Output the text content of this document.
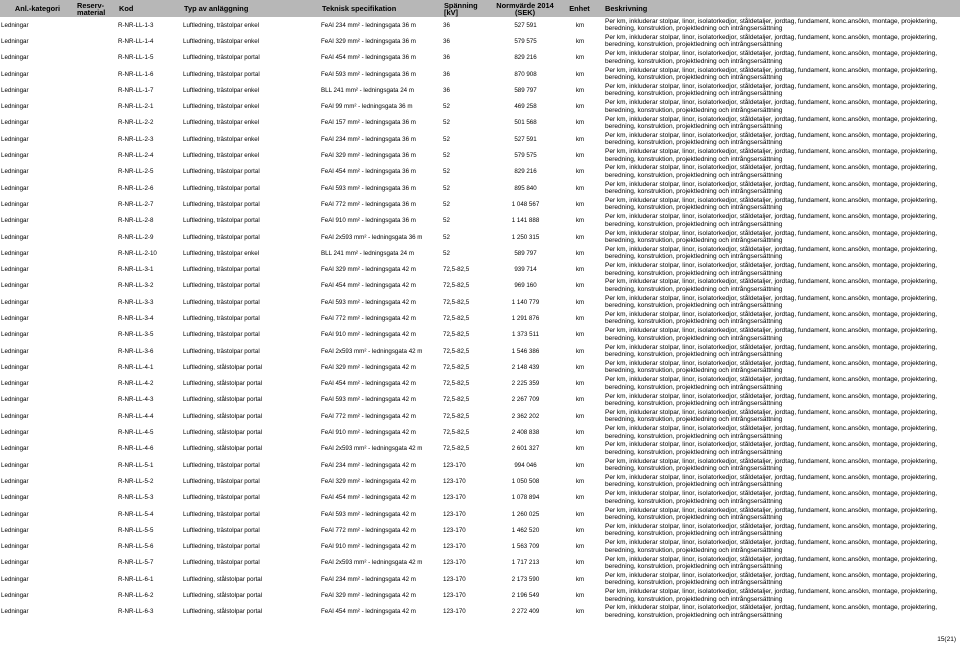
Anl.-kategori	Reserv-material	Kod	Typ av anläggning	Teknisk specifikation	Spänning [kV]	Normvärde 2014 (SEK)	Enhet	Beskrivning
Ledningar		R-NR-LL-1-3	Luftledning, trästolpar enkel	FeAl 234 mm² - ledningsgata 36 m	36	527 591	km	Per km, inkluderar stolpar, linor, isolatorkedjor, ståldetaljer, jordtag, fundament, konc.ansökn, montage, projektering, beredning, konstruktion, projektledning och intrångsersättning
Ledningar		R-NR-LL-1-4	Luftledning, trästolpar enkel	FeAl 329 mm² - ledningsgata 36 m	36	579 575	km	Per km, inkluderar stolpar, linor, isolatorkedjor, ståldetaljer, jordtag, fundament, konc.ansökn, montage, projektering, beredning, konstruktion, projektledning och intrångsersättning
Ledningar		R-NR-LL-1-5	Luftledning, trästolpar portal	FeAl 454 mm² - ledningsgata 36 m	36	829 216	km	Per km, inkluderar stolpar, linor, isolatorkedjor, ståldetaljer, jordtag, fundament, konc.ansökn, montage, projektering, beredning, konstruktion, projektledning och intrångsersättning
Ledningar		R-NR-LL-1-6	Luftledning, trästolpar portal	FeAl 593 mm² - ledningsgata 36 m	36	870 908	km	Per km, inkluderar stolpar, linor, isolatorkedjor, ståldetaljer, jordtag, fundament, konc.ansökn, montage, projektering, beredning, konstruktion, projektledning och intrångsersättning
Ledningar		R-NR-LL-1-7	Luftledning, trästolpar enkel	BLL 241 mm² - ledningsgata 24 m	36	589 797	km	Per km, inkluderar stolpar, linor, isolatorkedjor, ståldetaljer, jordtag, fundament, konc.ansökn, montage, projektering, beredning, konstruktion, projektledning och intrångsersättning
Ledningar		R-NR-LL-2-1	Luftledning, trästolpar enkel	FeAl 99 mm² - ledningsgata 36 m	52	469 258	km	Per km, inkluderar stolpar, linor, isolatorkedjor, ståldetaljer, jordtag, fundament, konc.ansökn, montage, projektering, beredning, konstruktion, projektledning och intrångsersättning
Ledningar		R-NR-LL-2-2	Luftledning, trästolpar enkel	FeAl 157 mm² - ledningsgata 36 m	52	501 568	km	Per km, inkluderar stolpar, linor, isolatorkedjor, ståldetaljer, jordtag, fundament, konc.ansökn, montage, projektering, beredning, konstruktion, projektledning och intrångsersättning
Ledningar		R-NR-LL-2-3	Luftledning, trästolpar enkel	FeAl 234 mm² - ledningsgata 36 m	52	527 591	km	Per km, inkluderar stolpar, linor, isolatorkedjor, ståldetaljer, jordtag, fundament, konc.ansökn, montage, projektering, beredning, konstruktion, projektledning och intrångsersättning
Ledningar		R-NR-LL-2-4	Luftledning, trästolpar enkel	FeAl 329 mm² - ledningsgata 36 m	52	579 575	km	Per km, inkluderar stolpar, linor, isolatorkedjor, ståldetaljer, jordtag, fundament, konc.ansökn, montage, projektering, beredning, konstruktion, projektledning och intrångsersättning
Ledningar		R-NR-LL-2-5	Luftledning, trästolpar portal	FeAl 454 mm² - ledningsgata 36 m	52	829 216	km	Per km, inkluderar stolpar, linor, isolatorkedjor, ståldetaljer, jordtag, fundament, konc.ansökn, montage, projektering, beredning, konstruktion, projektledning och intrångsersättning
Ledningar		R-NR-LL-2-6	Luftledning, trästolpar portal	FeAl 593 mm² - ledningsgata 36 m	52	895 840	km	Per km, inkluderar stolpar, linor, isolatorkedjor, ståldetaljer, jordtag, fundament, konc.ansökn, montage, projektering, beredning, konstruktion, projektledning och intrångsersättning
Ledningar		R-NR-LL-2-7	Luftledning, trästolpar portal	FeAl 772 mm² - ledningsgata 36 m	52	1 048 567	km	Per km, inkluderar stolpar, linor, isolatorkedjor, ståldetaljer, jordtag, fundament, konc.ansökn, montage, projektering, beredning, konstruktion, projektledning och intrångsersättning
Ledningar		R-NR-LL-2-8	Luftledning, trästolpar portal	FeAl 910 mm² - ledningsgata 36 m	52	1 141 888	km	Per km, inkluderar stolpar, linor, isolatorkedjor, ståldetaljer, jordtag, fundament, konc.ansökn, montage, projektering, beredning, konstruktion, projektledning och intrångsersättning
Ledningar		R-NR-LL-2-9	Luftledning, trästolpar portal	FeAl 2x593 mm² - ledningsgata 36 m	52	1 250 315	km	Per km, inkluderar stolpar, linor, isolatorkedjor, ståldetaljer, jordtag, fundament, konc.ansökn, montage, projektering, beredning, konstruktion, projektledning och intrångsersättning
Ledningar		R-NR-LL-2-10	Luftledning, trästolpar enkel	BLL 241 mm² - ledningsgata 24 m	52	589 797	km	Per km, inkluderar stolpar, linor, isolatorkedjor, ståldetaljer, jordtag, fundament, konc.ansökn, montage, projektering, beredning, konstruktion, projektledning och intrångsersättning
Ledningar		R-NR-LL-3-1	Luftledning, trästolpar portal	FeAl 329 mm² - ledningsgata 42 m	72,5-82,5	939 714	km	Per km, inkluderar stolpar, linor, isolatorkedjor, ståldetaljer, jordtag, fundament, konc.ansökn, montage, projektering, beredning, konstruktion, projektledning och intrångsersättning
Ledningar		R-NR-LL-3-2	Luftledning, trästolpar portal	FeAl 454 mm² - ledningsgata 42 m	72,5-82,5	969 160	km	Per km, inkluderar stolpar, linor, isolatorkedjor, ståldetaljer, jordtag, fundament, konc.ansökn, montage, projektering, beredning, konstruktion, projektledning och intrångsersättning
Ledningar		R-NR-LL-3-3	Luftledning, trästolpar portal	FeAl 593 mm² - ledningsgata 42 m	72,5-82,5	1 140 779	km	Per km, inkluderar stolpar, linor, isolatorkedjor, ståldetaljer, jordtag, fundament, konc.ansökn, montage, projektering, beredning, konstruktion, projektledning och intrångsersättning
Ledningar		R-NR-LL-3-4	Luftledning, trästolpar portal	FeAl 772 mm² - ledningsgata 42 m	72,5-82,5	1 291 876	km	Per km, inkluderar stolpar, linor, isolatorkedjor, ståldetaljer, jordtag, fundament, konc.ansökn, montage, projektering, beredning, konstruktion, projektledning och intrångsersättning
Ledningar		R-NR-LL-3-5	Luftledning, trästolpar portal	FeAl 910 mm² - ledningsgata 42 m	72,5-82,5	1 373 511	km	Per km, inkluderar stolpar, linor, isolatorkedjor, ståldetaljer, jordtag, fundament, konc.ansökn, montage, projektering, beredning, konstruktion, projektledning och intrångsersättning
Ledningar		R-NR-LL-3-6	Luftledning, trästolpar portal	FeAl 2x593 mm² - ledningsgata 42 m	72,5-82,5	1 546 386	km	Per km, inkluderar stolpar, linor, isolatorkedjor, ståldetaljer, jordtag, fundament, konc.ansökn, montage, projektering, beredning, konstruktion, projektledning och intrångsersättning
Ledningar		R-NR-LL-4-1	Luftledning, stålstolpar portal	FeAl 329 mm² - ledningsgata 42 m	72,5-82,5	2 148 439	km	Per km, inkluderar stolpar, linor, isolatorkedjor, ståldetaljer, jordtag, fundament, konc.ansökn, montage, projektering, beredning, konstruktion, projektledning och intrångsersättning
Ledningar		R-NR-LL-4-2	Luftledning, stålstolpar portal	FeAl 454 mm² - ledningsgata 42 m	72,5-82,5	2 225 359	km	Per km, inkluderar stolpar, linor, isolatorkedjor, ståldetaljer, jordtag, fundament, konc.ansökn, montage, projektering, beredning, konstruktion, projektledning och intrångsersättning
Ledningar		R-NR-LL-4-3	Luftledning, stålstolpar portal	FeAl 593 mm² - ledningsgata 42 m	72,5-82,5	2 267 709	km	Per km, inkluderar stolpar, linor, isolatorkedjor, ståldetaljer, jordtag, fundament, konc.ansökn, montage, projektering, beredning, konstruktion, projektledning och intrångsersättning
Ledningar		R-NR-LL-4-4	Luftledning, stålstolpar portal	FeAl 772 mm² - ledningsgata 42 m	72,5-82,5	2 362 202	km	Per km, inkluderar stolpar, linor, isolatorkedjor, ståldetaljer, jordtag, fundament, konc.ansökn, montage, projektering, beredning, konstruktion, projektledning och intrångsersättning
Ledningar		R-NR-LL-4-5	Luftledning, stålstolpar portal	FeAl 910 mm² - ledningsgata 42 m	72,5-82,5	2 408 838	km	Per km, inkluderar stolpar, linor, isolatorkedjor, ståldetaljer, jordtag, fundament, konc.ansökn, montage, projektering, beredning, konstruktion, projektledning och intrångsersättning
Ledningar		R-NR-LL-4-6	Luftledning, stålstolpar portal	FeAl 2x593 mm² - ledningsgata 42 m	72,5-82,5	2 601 327	km	Per km, inkluderar stolpar, linor, isolatorkedjor, ståldetaljer, jordtag, fundament, konc.ansökn, montage, projektering, beredning, konstruktion, projektledning och intrångsersättning
Ledningar		R-NR-LL-5-1	Luftledning, trästolpar portal	FeAl 234 mm² - ledningsgata 42 m	123-170	994 046	km	Per km, inkluderar stolpar, linor, isolatorkedjor, ståldetaljer, jordtag, fundament, konc.ansökn, montage, projektering, beredning, konstruktion, projektledning och intrångsersättning
Ledningar		R-NR-LL-5-2	Luftledning, trästolpar portal	FeAl 329 mm² - ledningsgata 42 m	123-170	1 050 508	km	Per km, inkluderar stolpar, linor, isolatorkedjor, ståldetaljer, jordtag, fundament, konc.ansökn, montage, projektering, beredning, konstruktion, projektledning och intrångsersättning
Ledningar		R-NR-LL-5-3	Luftledning, trästolpar portal	FeAl 454 mm² - ledningsgata 42 m	123-170	1 078 894	km	Per km, inkluderar stolpar, linor, isolatorkedjor, ståldetaljer, jordtag, fundament, konc.ansökn, montage, projektering, beredning, konstruktion, projektledning och intrångsersättning
Ledningar		R-NR-LL-5-4	Luftledning, trästolpar portal	FeAl 593 mm² - ledningsgata 42 m	123-170	1 260 025	km	Per km, inkluderar stolpar, linor, isolatorkedjor, ståldetaljer, jordtag, fundament, konc.ansökn, montage, projektering, beredning, konstruktion, projektledning och intrångsersättning
Ledningar		R-NR-LL-5-5	Luftledning, trästolpar portal	FeAl 772 mm² - ledningsgata 42 m	123-170	1 462 520	km	Per km, inkluderar stolpar, linor, isolatorkedjor, ståldetaljer, jordtag, fundament, konc.ansökn, montage, projektering, beredning, konstruktion, projektledning och intrångsersättning
Ledningar		R-NR-LL-5-6	Luftledning, trästolpar portal	FeAl 910 mm² - ledningsgata 42 m	123-170	1 563 709	km	Per km, inkluderar stolpar, linor, isolatorkedjor, ståldetaljer, jordtag, fundament, konc.ansökn, montage, projektering, beredning, konstruktion, projektledning och intrångsersättning
Ledningar		R-NR-LL-5-7	Luftledning, trästolpar portal	FeAl 2x593 mm² - ledningsgata 42 m	123-170	1 717 213	km	Per km, inkluderar stolpar, linor, isolatorkedjor, ståldetaljer, jordtag, fundament, konc.ansökn, montage, projektering, beredning, konstruktion, projektledning och intrångsersättning
Ledningar		R-NR-LL-6-1	Luftledning, stålstolpar portal	FeAl 234 mm² - ledningsgata 42 m	123-170	2 173 590	km	Per km, inkluderar stolpar, linor, isolatorkedjor, ståldetaljer, jordtag, fundament, konc.ansökn, montage, projektering, beredning, konstruktion, projektledning och intrångsersättning
Ledningar		R-NR-LL-6-2	Luftledning, stålstolpar portal	FeAl 329 mm² - ledningsgata 42 m	123-170	2 196 549	km	Per km, inkluderar stolpar, linor, isolatorkedjor, ståldetaljer, jordtag, fundament, konc.ansökn, montage, projektering, beredning, konstruktion, projektledning och intrångsersättning
Ledningar		R-NR-LL-6-3	Luftledning, stålstolpar portal	FeAl 454 mm² - ledningsgata 42 m	123-170	2 272 409	km	Per km, inkluderar stolpar, linor, isolatorkedjor, ståldetaljer, jordtag, fundament, konc.ansökn, montage, projektering, beredning, konstruktion, projektledning och intrångsersättning
15(21)
